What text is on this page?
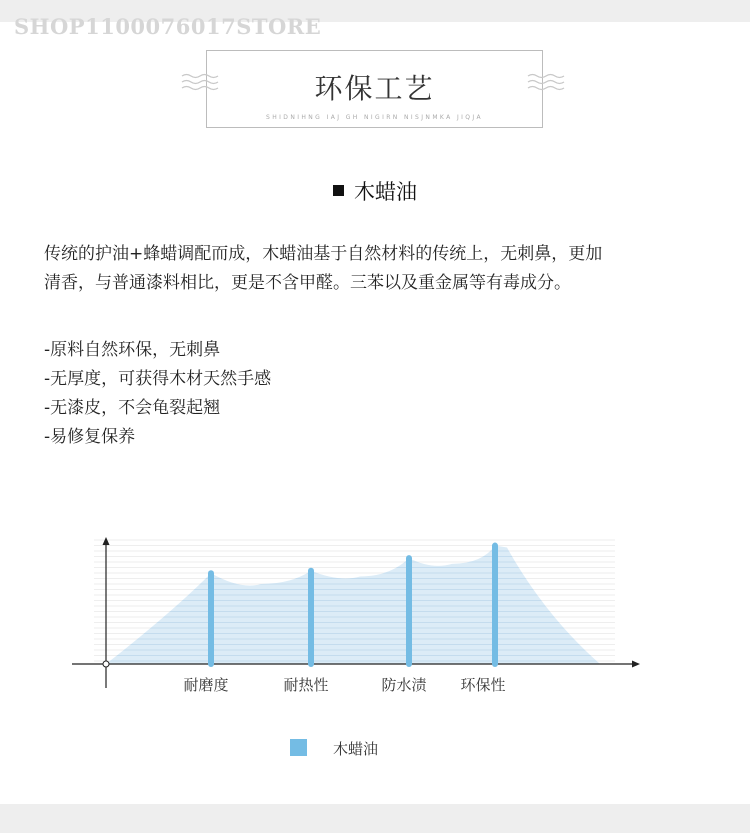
SHOP1100076017STORE
环保工艺
SHIDNIHNG IAJ GH NIGIRN NISJNMKA JIQJA
木蜡油

传统的护油+蜂蜡调配而成，木蜡油基于自然材料的传统上，无刺鼻，更加

清香，与普通漆料相比，更是不含甲醛。三苯以及重金属等有毒成分。

-原料自然环保，无刺鼻
-无厚度，可获得木材天然手感
-无漆皮，不会龟裂起翘
-易修复保养
耐磨度	耐热性	防水渍 环保性
木蜡油
